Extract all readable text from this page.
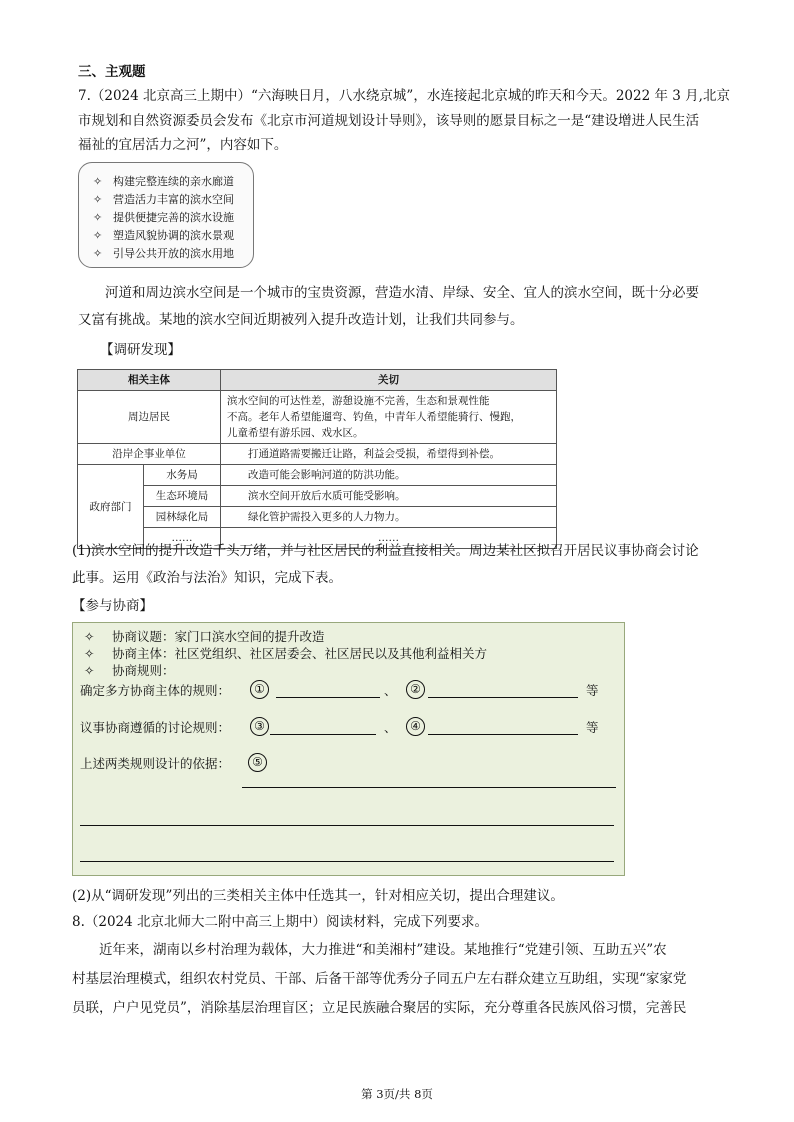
三、主观题
7.（2024 北京高三上期中）“六海映日月，八水绕京城”，水连接起北京城的昨天和今天。2022 年 3 月,北京
市规划和自然资源委员会发布《北京市河道规划设计导则》，该导则的愿景目标之一是“建设增进人民生活
福祉的宜居活力之河”，内容如下。
✧ 构建完整连续的亲水廊道
✧ 营造活力丰富的滨水空间
✧ 提供便捷完善的滨水设施
✧ 塑造风貌协调的滨水景观
✧ 引导公共开放的滨水用地
河道和周边滨水空间是一个城市的宝贵资源，营造水清、岸绿、安全、宜人的滨水空间，既十分必要
又富有挑战。某地的滨水空间近期被列入提升改造计划，让我们共同参与。
【调研发现】
相关主体		关切
周边居民		滨水空间的可达性差，游憩设施不完善，生态和景观性能
不高。老年人希望能遛弯、钓鱼，中青年人希望能骑行、慢跑，
儿童希望有游乐园、戏水区。

沿岸企事业单位		打通道路需要搬迁让路，利益会受损，希望得到补偿。
政府部门	水务局	改造可能会影响河道的防洪功能。
	生态环境局	滨水空间开放后水质可能受影响。
	园林绿化局	绿化管护需投入更多的人力物力。
	……	……
(1)滨水空间的提升改造千头万绪，并与社区居民的利益直接相关。周边某社区拟召开居民议事协商会讨论
此事。运用《政治与法治》知识，完成下表。
【参与协商】
✧ 协商议题：家门口滨水空间的提升改造
✧ 协商主体：社区党组织、社区居委会、社区居民以及其他利益相关方
✧ 协商规则：
确定多方协商主体的规则：	①	、	②	等
议事协商遵循的讨论规则：	③	、	④	等
上述两类规则设计的依据：	⑤
(2)从“调研发现”列出的三类相关主体中任选其一，针对相应关切，提出合理建议。
8.（2024 北京北师大二附中高三上期中）阅读材料，完成下列要求。
近年来，湖南以乡村治理为载体，大力推进“和美湘村”建设。某地推行“党建引领、互助五兴”农
村基层治理模式，组织农村党员、干部、后备干部等优秀分子同五户左右群众建立互助组，实现“家家党
员联，户户见党员”，消除基层治理盲区；立足民族融合聚居的实际，充分尊重各民族风俗习惯，完善民
第 3页/共 8页
